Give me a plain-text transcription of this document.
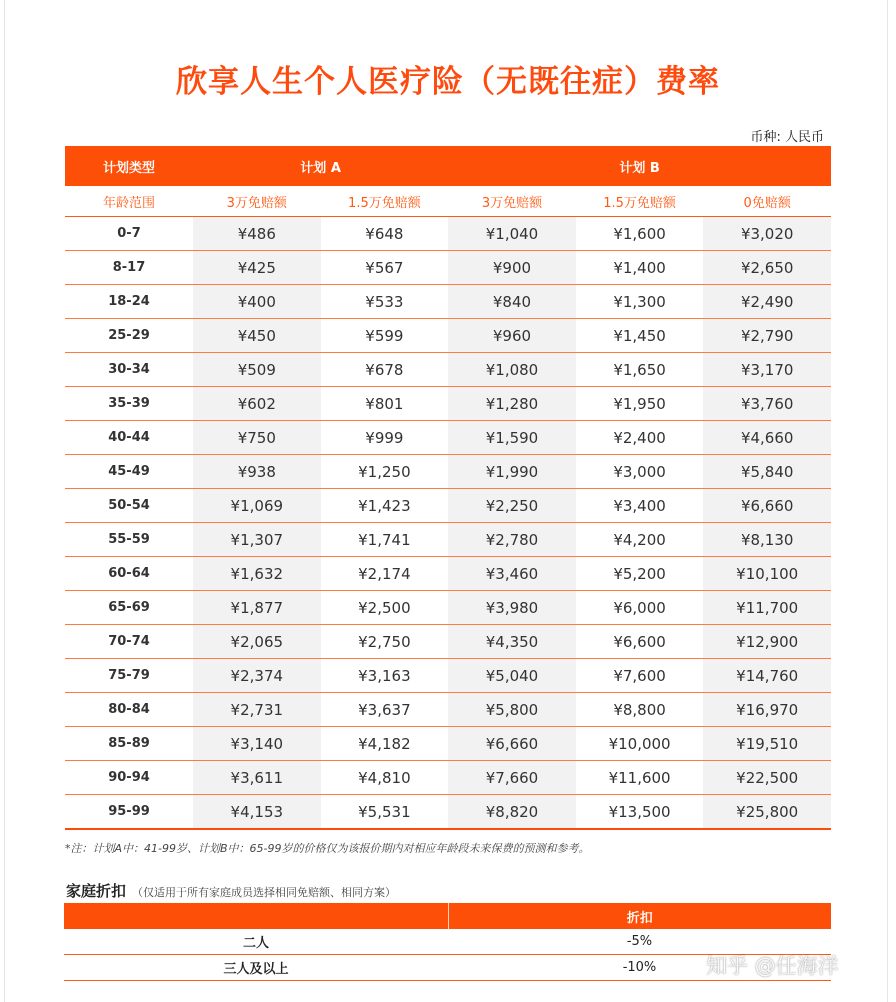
欣享人生个人医疗险（无既往症）费率
币种: 人民币
计划类型	计划 A		计划 B		
年龄范围	3万免赔额	1.5万免赔额	3万免赔额	1.5万免赔额	0免赔额
0-7	¥486	¥648	¥1,040	¥1,600	¥3,020
8-17	¥425	¥567	¥900	¥1,400	¥2,650
18-24	¥400	¥533	¥840	¥1,300	¥2,490
25-29	¥450	¥599	¥960	¥1,450	¥2,790
30-34	¥509	¥678	¥1,080	¥1,650	¥3,170
35-39	¥602	¥801	¥1,280	¥1,950	¥3,760
40-44	¥750	¥999	¥1,590	¥2,400	¥4,660
45-49	¥938	¥1,250	¥1,990	¥3,000	¥5,840
50-54	¥1,069	¥1,423	¥2,250	¥3,400	¥6,660
55-59	¥1,307	¥1,741	¥2,780	¥4,200	¥8,130
60-64	¥1,632	¥2,174	¥3,460	¥5,200	¥10,100
65-69	¥1,877	¥2,500	¥3,980	¥6,000	¥11,700
70-74	¥2,065	¥2,750	¥4,350	¥6,600	¥12,900
75-79	¥2,374	¥3,163	¥5,040	¥7,600	¥14,760
80-84	¥2,731	¥3,637	¥5,800	¥8,800	¥16,970
85-89	¥3,140	¥4,182	¥6,660	¥10,000	¥19,510
90-94	¥3,611	¥4,810	¥7,660	¥11,600	¥22,500
95-99	¥4,153	¥5,531	¥8,820	¥13,500	¥25,800
*注：计划A中：41-99岁、计划B中：65-99岁的价格仅为该报价期内对相应年龄段未来保费的预测和参考。
家庭折扣 （仅适用于所有家庭成员选择相同免赔额、相同方案）
	折扣
二人	-5%
三人及以上	-10% 知乎 @任海洋
